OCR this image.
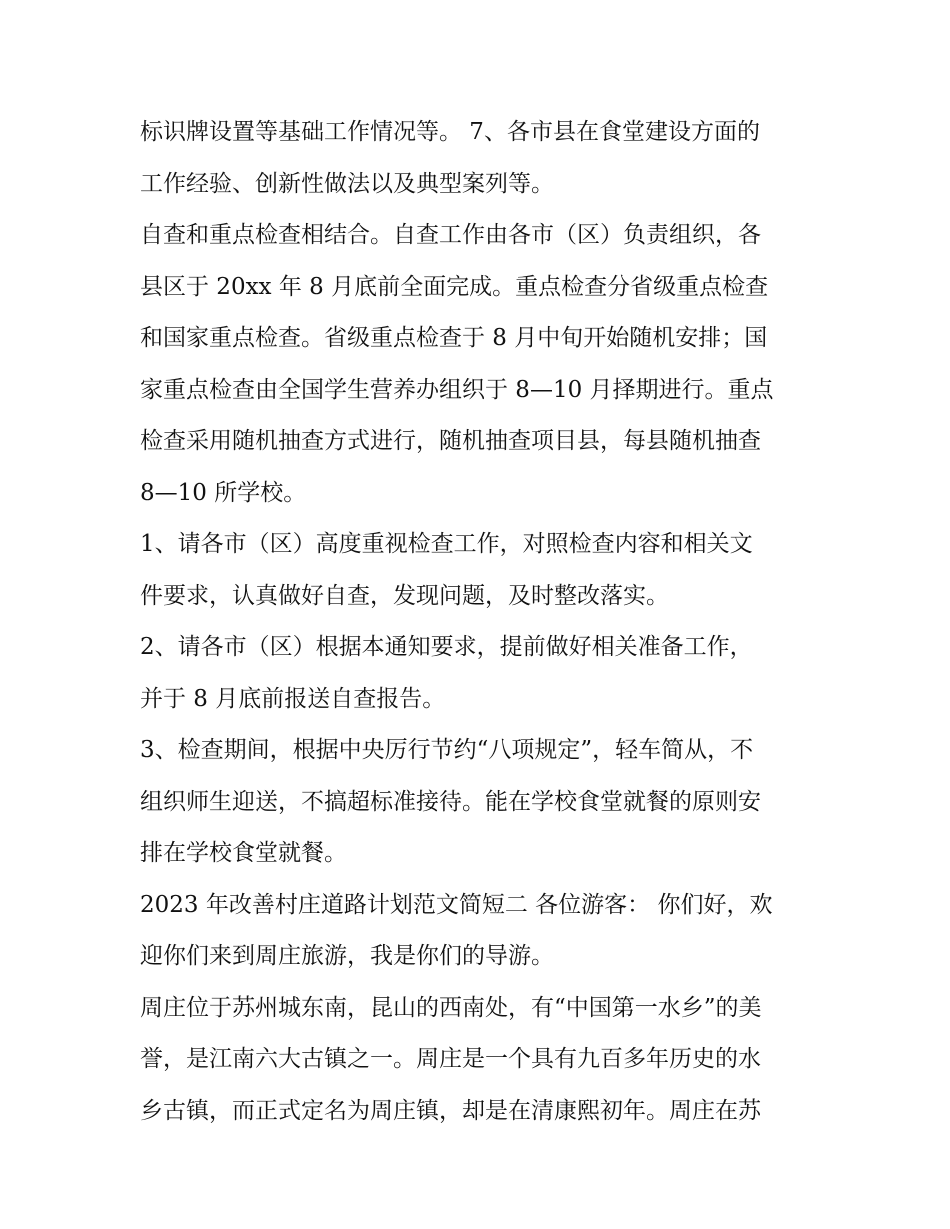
标识牌设置等基础工作情况等。 7、各市县在食堂建设方面的
工作经验、创新性做法以及典型案列等。
自查和重点检查相结合。自查工作由各市（区）负责组织，各
县区于 20xx 年 8 月底前全面完成。重点检查分省级重点检查
和国家重点检查。省级重点检查于 8 月中旬开始随机安排；国
家重点检查由全国学生营养办组织于 8—10 月择期进行。重点
检查采用随机抽查方式进行，随机抽查项目县，每县随机抽查
8—10 所学校。
1、请各市（区）高度重视检查工作，对照检查内容和相关文
件要求，认真做好自查，发现问题，及时整改落实。
2、请各市（区）根据本通知要求，提前做好相关准备工作，
并于 8 月底前报送自查报告。
3、检查期间，根据中央厉行节约“八项规定”，轻车简从，不
组织师生迎送，不搞超标准接待。能在学校食堂就餐的原则安
排在学校食堂就餐。
2023 年改善村庄道路计划范文简短二 各位游客： 你们好，欢
迎你们来到周庄旅游，我是你们的导游。
周庄位于苏州城东南，昆山的西南处，有“中国第一水乡”的美
誉，是江南六大古镇之一。周庄是一个具有九百多年历史的水
乡古镇，而正式定名为周庄镇，却是在清康熙初年。周庄在苏
